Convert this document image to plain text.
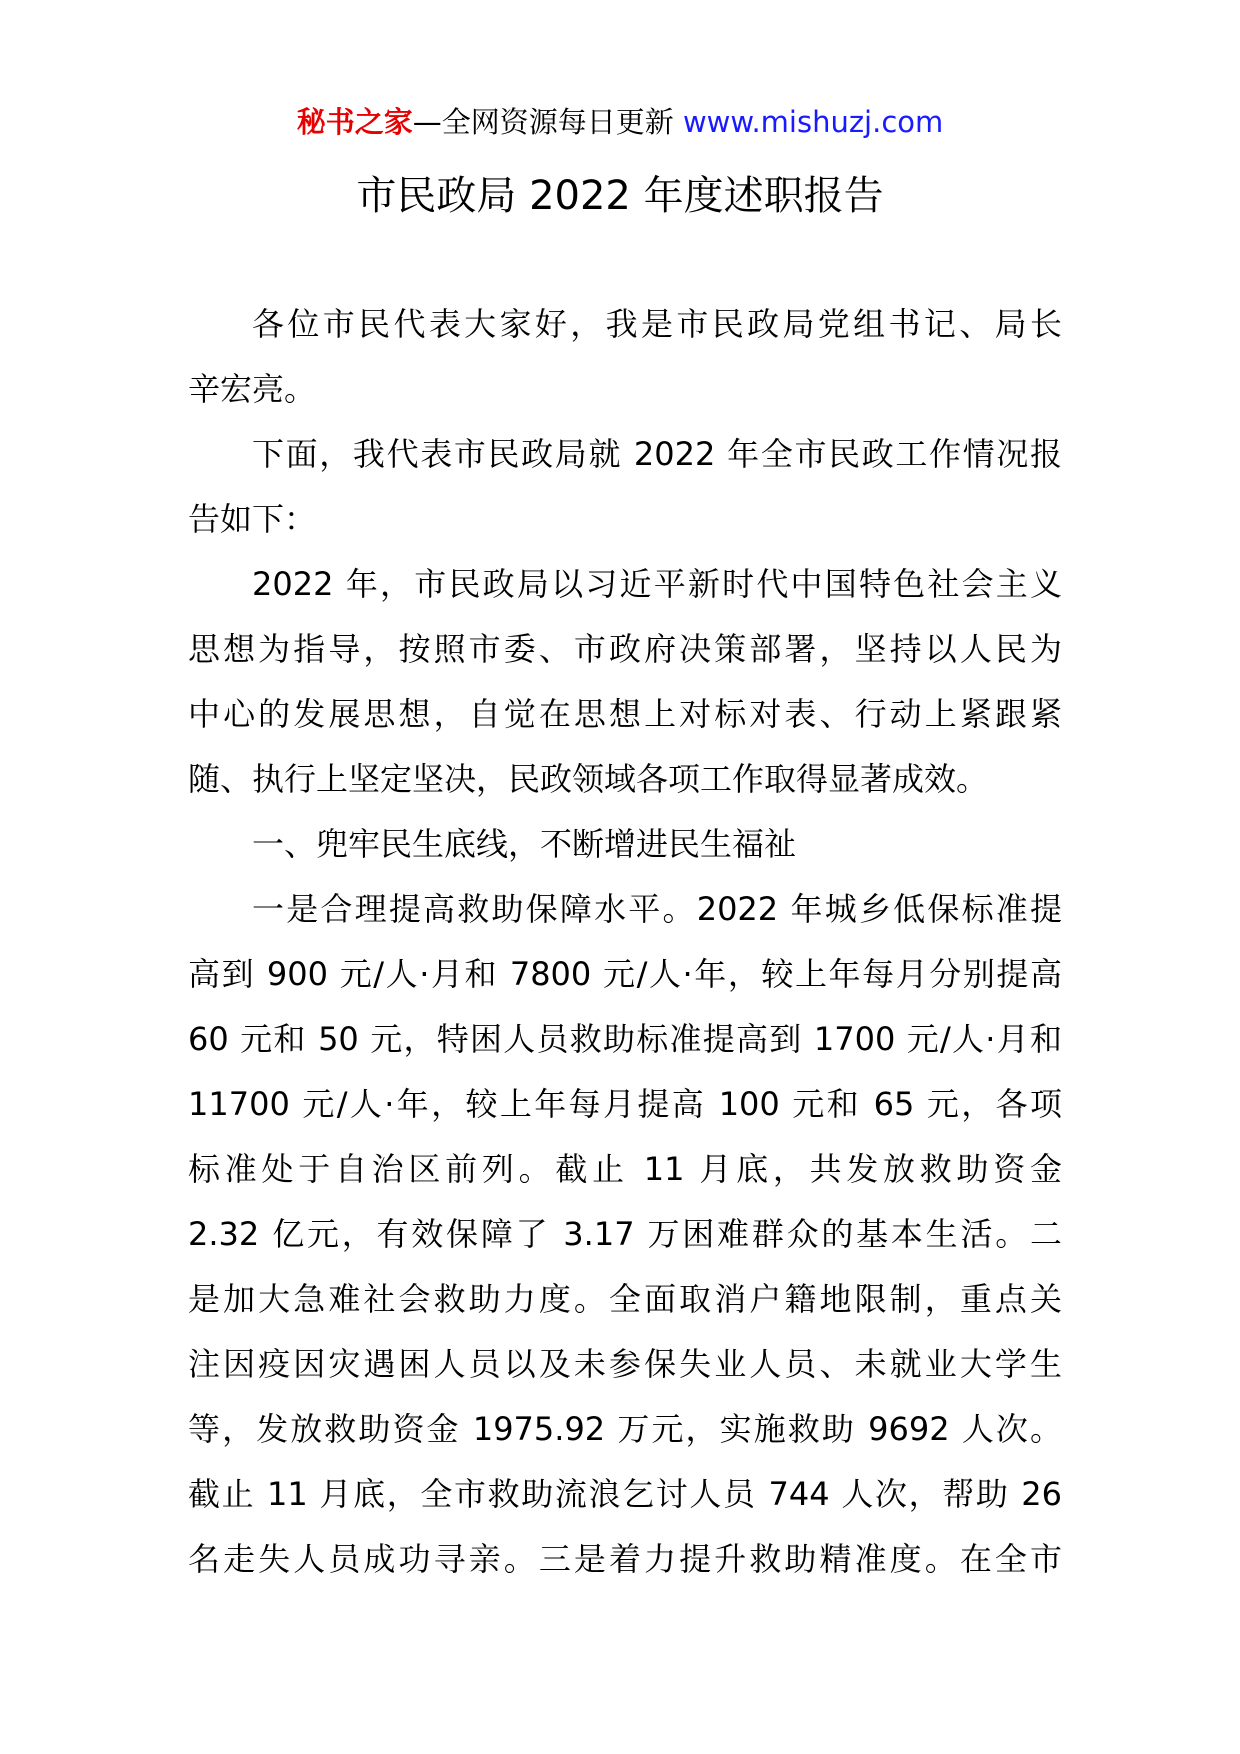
秘书之家—全网资源每日更新 www.mishuzj.com
市民政局 2022 年度述职报告
各位市民代表大家好，我是市民政局党组书记、局长
辛宏亮。
下面，我代表市民政局就 2022 年全市民政工作情况报
告如下：
2022 年，市民政局以习近平新时代中国特色社会主义
思想为指导，按照市委、市政府决策部署，坚持以人民为
中心的发展思想，自觉在思想上对标对表、行动上紧跟紧
随、执行上坚定坚决，民政领域各项工作取得显著成效。
一、兜牢民生底线，不断增进民生福祉
一是合理提高救助保障水平。2022 年城乡低保标准提
高到 900 元/人·月和 7800 元/人·年，较上年每月分别提高
60 元和 50 元，特困人员救助标准提高到 1700 元/人·月和
11700 元/人·年，较上年每月提高 100 元和 65 元，各项
标准处于自治区前列。截止 11 月底，共发放救助资金
2.32 亿元，有效保障了 3.17 万困难群众的基本生活。二
是加大急难社会救助力度。全面取消户籍地限制，重点关
注因疫因灾遇困人员以及未参保失业人员、未就业大学生
等，发放救助资金 1975.92 万元，实施救助 9692 人次。
截止 11 月底，全市救助流浪乞讨人员 744 人次，帮助 26
名走失人员成功寻亲。三是着力提升救助精准度。在全市
